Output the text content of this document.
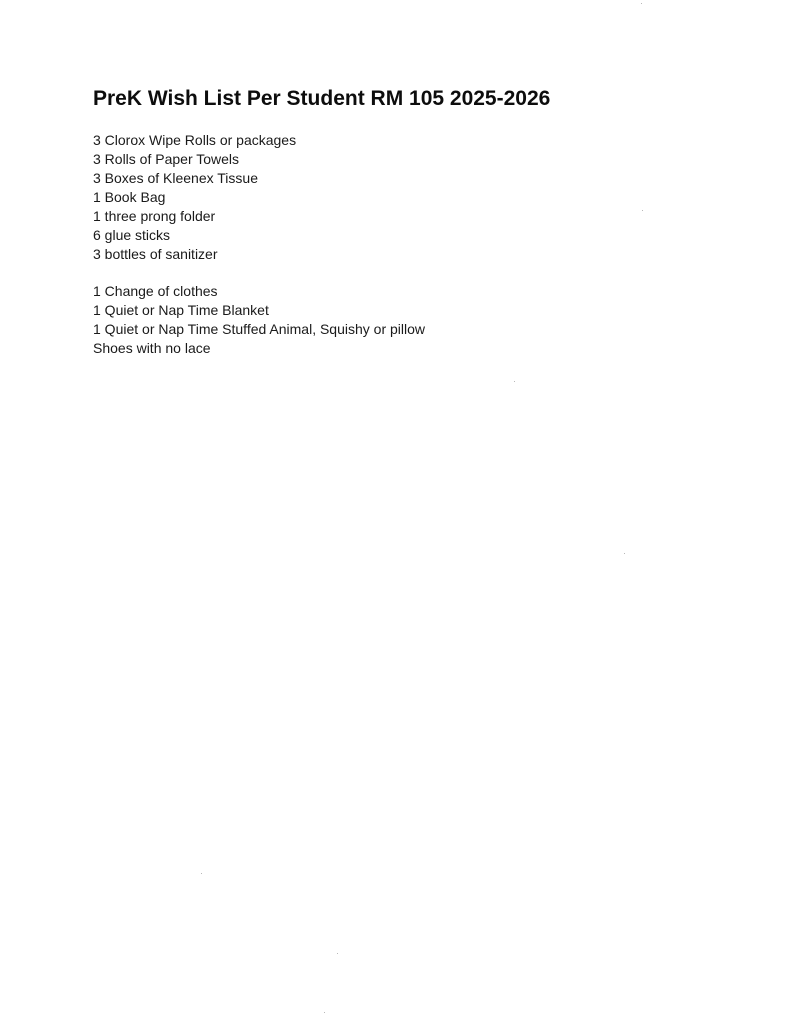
PreK Wish List Per Student RM 105 2025-2026
3 Clorox Wipe Rolls or packages
3 Rolls of Paper Towels
3 Boxes of Kleenex Tissue
1 Book Bag
1 three prong folder
6 glue sticks
3 bottles of sanitizer
1 Change of clothes
1 Quiet or Nap Time Blanket
1 Quiet or Nap Time Stuffed Animal, Squishy or pillow
Shoes with no lace
